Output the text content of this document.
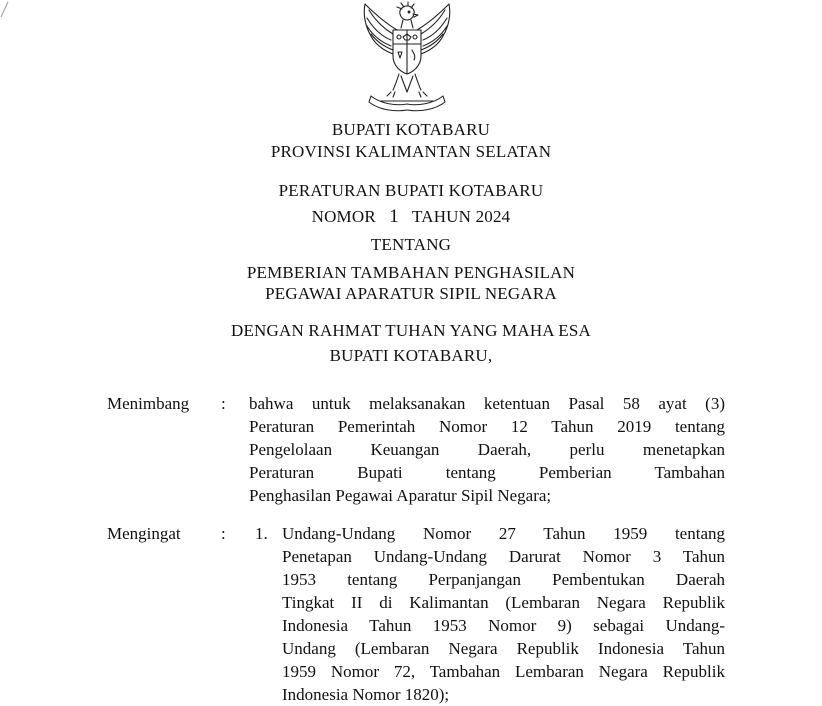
BUPATI KOTABARU
PROVINSI KALIMANTAN SELATAN
PERATURAN BUPATI KOTABARU
NOMOR 1 TAHUN 2024
TENTANG
PEMBERIAN TAMBAHAN PENGHASILAN
PEGAWAI APARATUR SIPIL NEGARA
DENGAN RAHMAT TUHAN YANG MAHA ESA
BUPATI KOTABARU,
Menimbang : bahwa untuk melaksanakan ketentuan Pasal 58 ayat (3)
Peraturan Pemerintah Nomor 12 Tahun 2019 tentang
Pengelolaan Keuangan Daerah, perlu menetapkan
Peraturan Bupati tentang Pemberian Tambahan
Penghasilan Pegawai Aparatur Sipil Negara;
Mengingat : 1. Undang-Undang Nomor 27 Tahun 1959 tentang
Penetapan Undang-Undang Darurat Nomor 3 Tahun
1953 tentang Perpanjangan Pembentukan Daerah
Tingkat II di Kalimantan (Lembaran Negara Republik
Indonesia Tahun 1953 Nomor 9) sebagai Undang-
Undang (Lembaran Negara Republik Indonesia Tahun
1959 Nomor 72, Tambahan Lembaran Negara Republik
Indonesia Nomor 1820);
